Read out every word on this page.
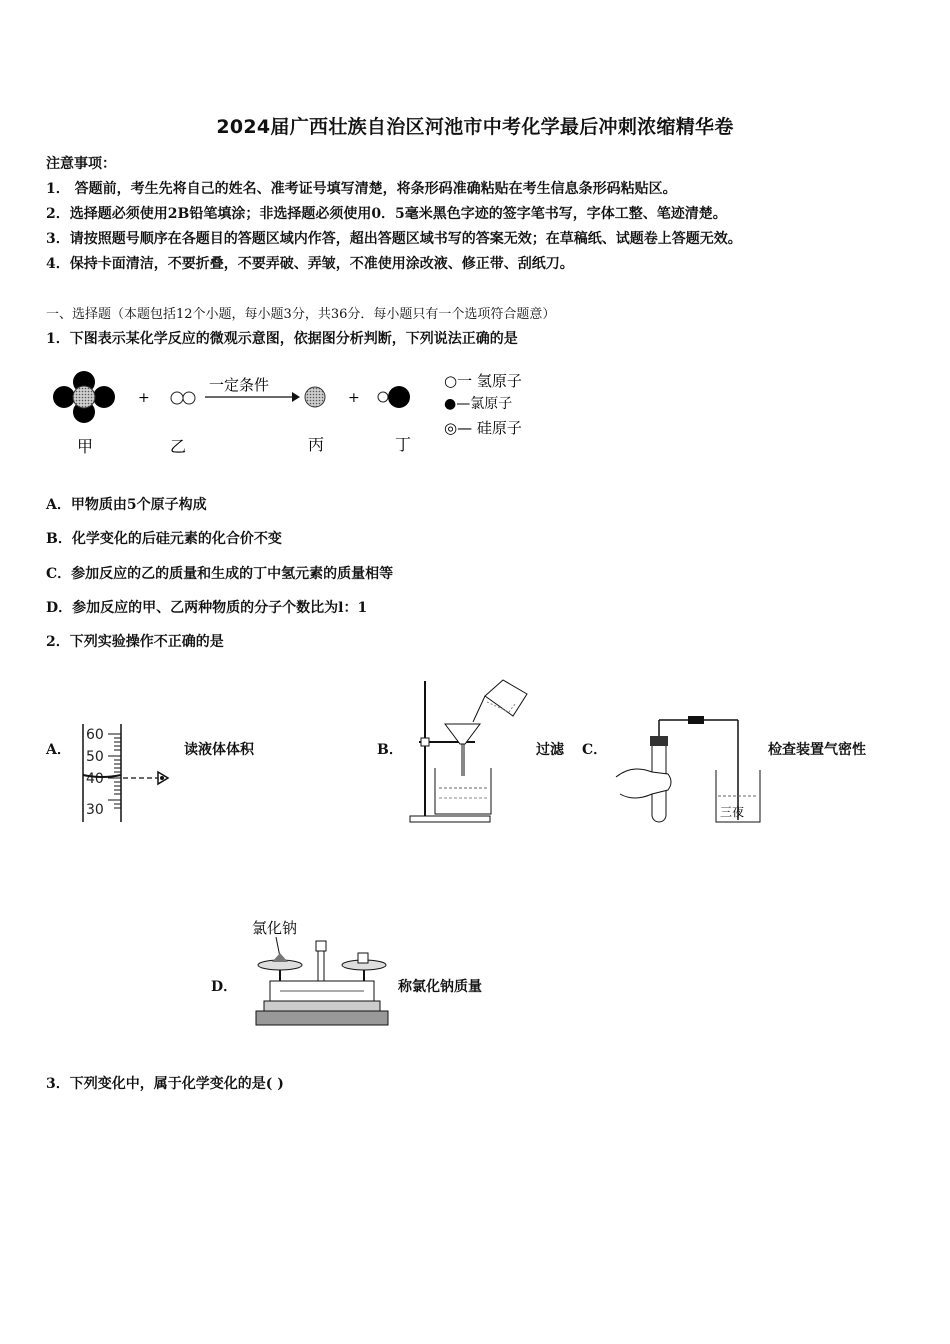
2024届广西壮族自治区河池市中考化学最后冲刺浓缩精华卷
注意事项：
1． 答题前，考生先将自己的姓名、准考证号填写清楚，将条形码准确粘贴在考生信息条形码粘贴区。
2．选择题必须使用2B铅笔填涂；非选择题必须使用0．5毫米黑色字迹的签字笔书写，字体工整、笔迹清楚。
3．请按照题号顺序在各题目的答题区域内作答，超出答题区域书写的答案无效；在草稿纸、试题卷上答题无效。
4．保持卡面清洁，不要折叠，不要弄破、弄皱，不准使用涂改液、修正带、刮纸刀。
一、选择题（本题包括12个小题，每小题3分，共36分．每小题只有一个选项符合题意）
1．下图表示某化学反应的微观示意图，依据图分析判断，下列说法正确的是
+
一定条件
+
甲	乙	丙	丁
○一 氢原子
●—氯原子
◎— 硅原子
A．甲物质由5个原子构成
B．化学变化的后硅元素的化合价不变
C．参加反应的乙的质量和生成的丁中氢元素的质量相等
D．参加反应的甲、乙两种物质的分子个数比为l：1
2．下列实验操作不正确的是
A．
60
50
40
30
读液体体积	B．	过滤 C．
三夜
检查装置气密性
D．
氯化钠
称氯化钠质量
3．下列变化中，属于化学变化的是( )
